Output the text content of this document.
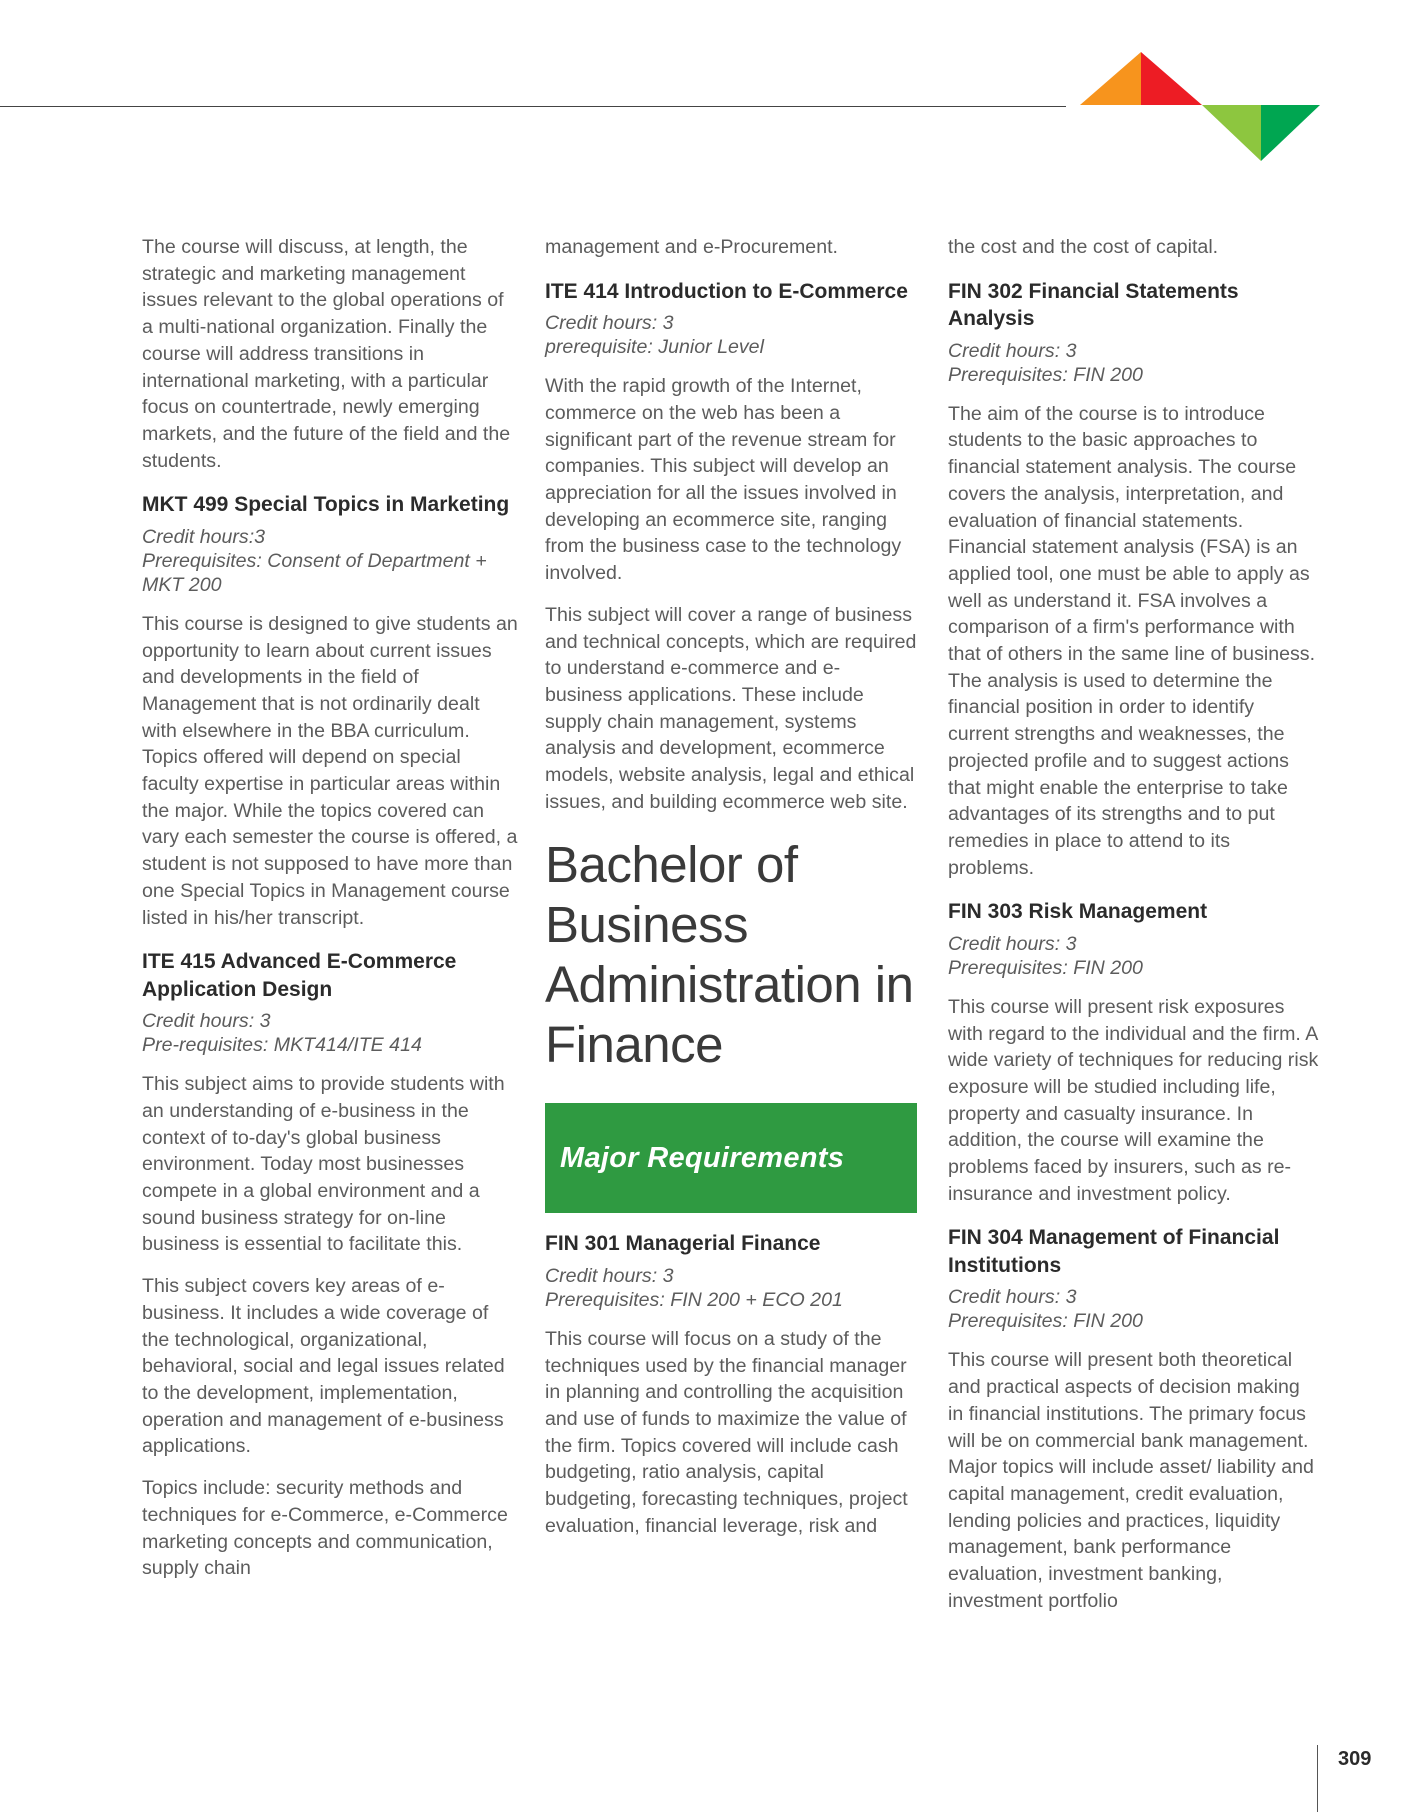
The course will discuss, at length, the strategic and marketing management issues relevant to the global operations of a multi-national organization. Finally the course will address transitions in international marketing, with a particular focus on countertrade, newly emerging markets, and the future of the field and the students.

MKT 499 Special Topics in Marketing
Credit hours:3
Prerequisites: Consent of Department + MKT 200

This course is designed to give students an opportunity to learn about current issues and developments in the field of Management that is not ordinarily dealt with elsewhere in the BBA curriculum. Topics offered will depend on special faculty expertise in particular areas within the major. While the topics covered can vary each semester the course is offered, a student is not supposed to have more than one Special Topics in Management course listed in his/her transcript.

ITE 415 Advanced E-Commerce Application Design
Credit hours: 3
Pre-requisites: MKT414/ITE 414

This subject aims to provide students with an understanding of e-business in the context of to-day's global business environment. Today most businesses compete in a global environment and a sound business strategy for on-line business is essential to facilitate this.

This subject covers key areas of e-business. It includes a wide coverage of the technological, organizational, behavioral, social and legal issues related to the development, implementation, operation and management of e-business applications.

Topics include: security methods and techniques for e-Commerce, e-Commerce marketing concepts and communication, supply chain

management and e-Procurement.

ITE 414 Introduction to E-Commerce
Credit hours: 3
prerequisite: Junior Level

With the rapid growth of the Internet, commerce on the web has been a significant part of the revenue stream for companies. This subject will develop an appreciation for all the issues involved in developing an ecommerce site, ranging from the business case to the technology involved.

This subject will cover a range of business and technical concepts, which are required to understand e-commerce and e-business applications. These include supply chain management, systems analysis and development, ecommerce models, website analysis, legal and ethical issues, and building ecommerce web site.

Bachelor of Business Administration in Finance
Major Requirements
FIN 301 Managerial Finance
Credit hours: 3
Prerequisites: FIN 200 + ECO 201

This course will focus on a study of the techniques used by the financial manager in planning and controlling the acquisition and use of funds to maximize the value of the firm. Topics covered will include cash budgeting, ratio analysis, capital budgeting, forecasting techniques, project evaluation, financial leverage, risk and

the cost and the cost of capital.

FIN 302 Financial Statements Analysis
Credit hours: 3
Prerequisites: FIN 200

The aim of the course is to introduce students to the basic approaches to financial statement analysis. The course covers the analysis, interpretation, and evaluation of financial statements. Financial statement analysis (FSA) is an applied tool, one must be able to apply as well as understand it. FSA involves a comparison of a firm's performance with that of others in the same line of business. The analysis is used to determine the financial position in order to identify current strengths and weaknesses, the projected profile and to suggest actions that might enable the enterprise to take advantages of its strengths and to put remedies in place to attend to its problems.

FIN 303 Risk Management
Credit hours: 3
Prerequisites: FIN 200

This course will present risk exposures with regard to the individual and the firm. A wide variety of techniques for reducing risk exposure will be studied including life, property and casualty insurance. In addition, the course will examine the problems faced by insurers, such as re-insurance and investment policy.

FIN 304 Management of Financial Institutions
Credit hours: 3
Prerequisites: FIN 200

This course will present both theoretical and practical aspects of decision making in financial institutions. The primary focus will be on commercial bank management. Major topics will include asset/ liability and capital management, credit evaluation, lending policies and practices, liquidity management, bank performance evaluation, investment banking, investment portfolio

309
